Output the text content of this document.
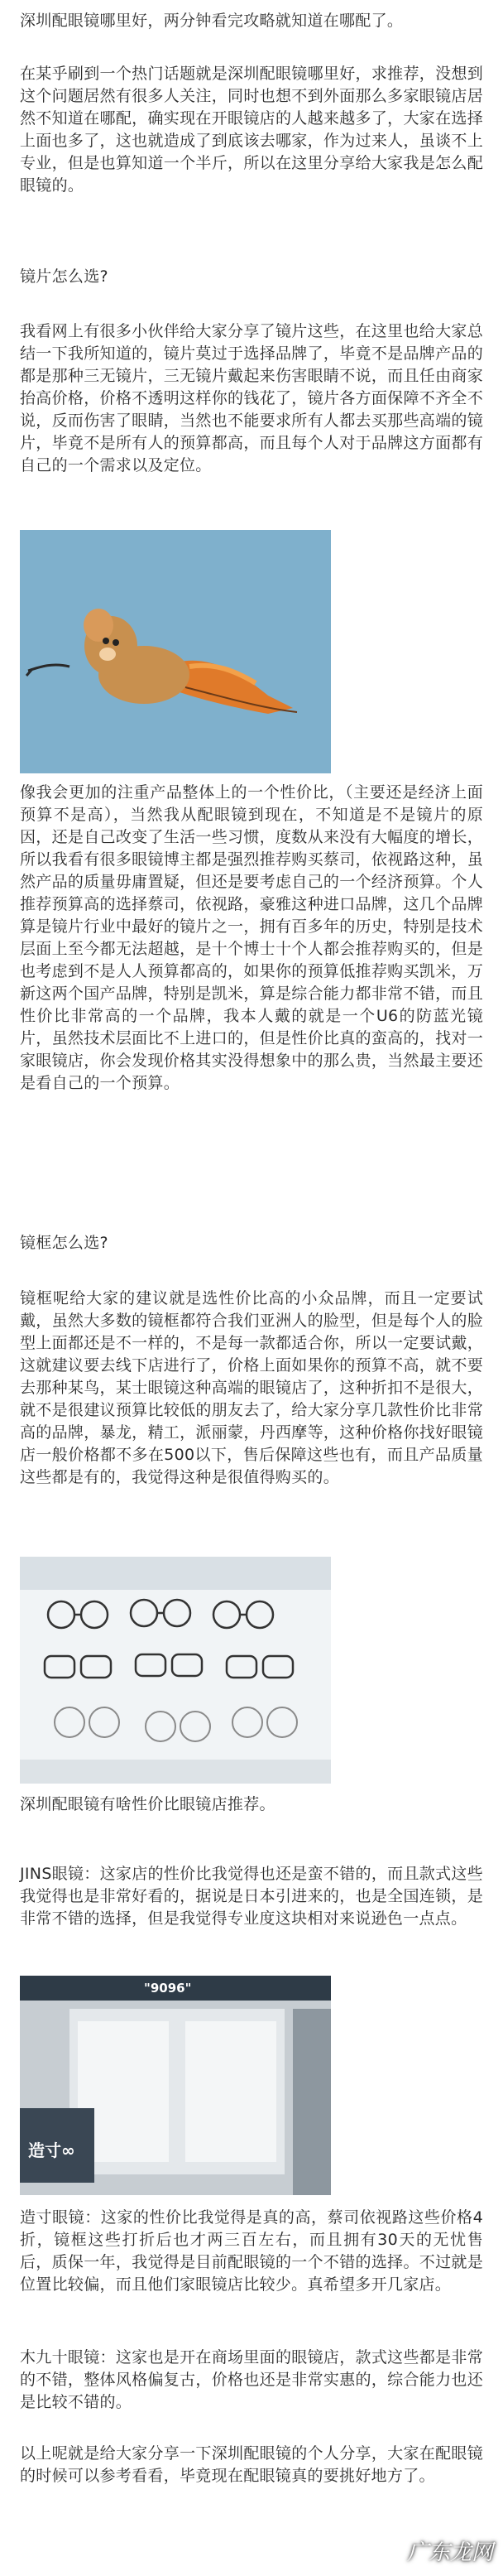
深圳配眼镜哪里好，两分钟看完攻略就知道在哪配了。

在某乎刷到一个热门话题就是深圳配眼镜哪里好，求推荐，没想到这个问题居然有很多人关注，同时也想不到外面那么多家眼镜店居然不知道在哪配，确实现在开眼镜店的人越来越多了，大家在选择上面也多了，这也就造成了到底该去哪家，作为过来人，虽谈不上专业，但是也算知道一个半斤，所以在这里分享给大家我是怎么配眼镜的。

镜片怎么选?

我看网上有很多小伙伴给大家分享了镜片这些，在这里也给大家总结一下我所知道的，镜片莫过于选择品牌了，毕竟不是品牌产品的都是那种三无镜片，三无镜片戴起来伤害眼睛不说，而且任由商家抬高价格，价格不透明这样你的钱花了，镜片各方面保障不齐全不说，反而伤害了眼睛，当然也不能要求所有人都去买那些高端的镜片，毕竟不是所有人的预算都高，而且每个人对于品牌这方面都有自己的一个需求以及定位。

像我会更加的注重产品整体上的一个性价比，（主要还是经济上面预算不是高），当然我从配眼镜到现在，不知道是不是镜片的原因，还是自己改变了生活一些习惯，度数从来没有大幅度的增长，所以我看有很多眼镜博主都是强烈推荐购买蔡司，依视路这种，虽然产品的质量毋庸置疑，但还是要考虑自己的一个经济预算。个人推荐预算高的选择蔡司，依视路，豪雅这种进口品牌，这几个品牌算是镜片行业中最好的镜片之一，拥有百多年的历史，特别是技术层面上至今都无法超越，是十个博士十个人都会推荐购买的，但是也考虑到不是人人预算都高的，如果你的预算低推荐购买凯米，万新这两个国产品牌，特别是凯米，算是综合能力都非常不错，而且性价比非常高的一个品牌，我本人戴的就是一个U6的防蓝光镜片，虽然技术层面比不上进口的，但是性价比真的蛮高的，找对一家眼镜店，你会发现价格其实没得想象中的那么贵，当然最主要还是看自己的一个预算。

镜框怎么选?

镜框呢给大家的建议就是选性价比高的小众品牌，而且一定要试戴，虽然大多数的镜框都符合我们亚洲人的脸型，但是每个人的脸型上面都还是不一样的，不是每一款都适合你，所以一定要试戴，这就建议要去线下店进行了，价格上面如果你的预算不高，就不要去那种某鸟，某士眼镜这种高端的眼镜店了，这种折扣不是很大，就不是很建议预算比较低的朋友去了，给大家分享几款性价比非常高的品牌，暴龙，精工，派丽蒙，丹西摩等，这种价格你找好眼镜店一般价格都不多在500以下，售后保障这些也有，而且产品质量这些都是有的，我觉得这种是很值得购买的。

深圳配眼镜有啥性价比眼镜店推荐。

JINS眼镜：这家店的性价比我觉得也还是蛮不错的，而且款式这些我觉得也是非常好看的，据说是日本引进来的，也是全国连锁，是非常不错的选择，但是我觉得专业度这块相对来说逊色一点点。

"9096"
造寸∞

造寸眼镜：这家的性价比我觉得是真的高，蔡司依视路这些价格4折，镜框这些打折后也才两三百左右，而且拥有30天的无忧售后，质保一年，我觉得是目前配眼镜的一个不错的选择。不过就是位置比较偏，而且他们家眼镜店比较少。真希望多开几家店。

木九十眼镜：这家也是开在商场里面的眼镜店，款式这些都是非常的不错，整体风格偏复古，价格也还是非常实惠的，综合能力也还是比较不错的。

以上呢就是给大家分享一下深圳配眼镜的个人分享，大家在配眼镜的时候可以参考看看，毕竟现在配眼镜真的要挑好地方了。

广东龙网
